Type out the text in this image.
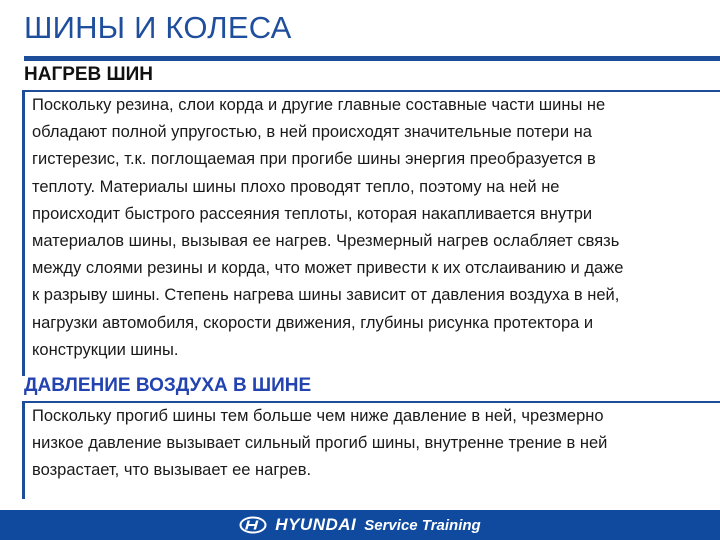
ШИНЫ И КОЛЕСА
НАГРЕВ ШИН

Поскольку резина, слои корда и другие главные составные части шины не
обладают полной упругостью, в ней происходят значительные потери на
гистерезис, т.к. поглощаемая при прогибе шины энергия преобразуется в
теплоту. Материалы шины плохо проводят тепло, поэтому на ней не
происходит быстрого рассеяния теплоты, которая накапливается внутри
материалов шины, вызывая ее нагрев. Чрезмерный нагрев ослабляет связь
между слоями резины и корда, что может привести к их отслаиванию и даже
к разрыву шины. Степень нагрева шины зависит от давления воздуха в ней,
нагрузки автомобиля, скорости движения, глубины рисунка протектора и
конструкции шины.

ДАВЛЕНИЕ ВОЗДУХА В ШИНЕ

Поскольку прогиб шины тем больше чем ниже давление в ней, чрезмерно
низкое давление вызывает сильный прогиб шины, внутренне трение в ней
возрастает, что вызывает ее нагрев.

HYUNDAI Service Training
